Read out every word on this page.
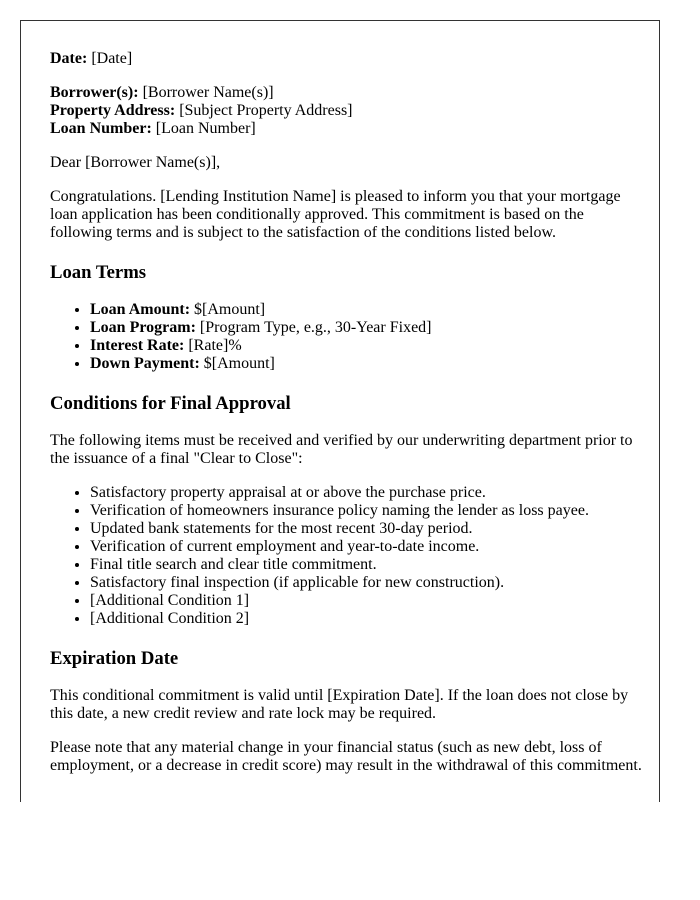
Date: [Date]

Borrower(s): [Borrower Name(s)]

Property Address: [Subject Property Address]

Loan Number: [Loan Number]

Dear [Borrower Name(s)],

Congratulations. [Lending Institution Name] is pleased to inform you that your mortgage loan application has been conditionally approved. This commitment is based on the following terms and is subject to the satisfaction of the conditions listed below.

Loan Terms
• Loan Amount: $[Amount]
• Loan Program: [Program Type, e.g., 30-Year Fixed]
• Interest Rate: [Rate]%
• Down Payment: $[Amount]
Conditions for Final Approval

The following items must be received and verified by our underwriting department prior to the issuance of a final "Clear to Close":

• Satisfactory property appraisal at or above the purchase price.
• Verification of homeowners insurance policy naming the lender as loss payee.
• Updated bank statements for the most recent 30-day period.
• Verification of current employment and year-to-date income.
• Final title search and clear title commitment.
• Satisfactory final inspection (if applicable for new construction).
• [Additional Condition 1]
• [Additional Condition 2]
Expiration Date

This conditional commitment is valid until [Expiration Date]. If the loan does not close by this date, a new credit review and rate lock may be required.

Please note that any material change in your financial status (such as new debt, loss of employment, or a decrease in credit score) may result in the withdrawal of this commitment.
